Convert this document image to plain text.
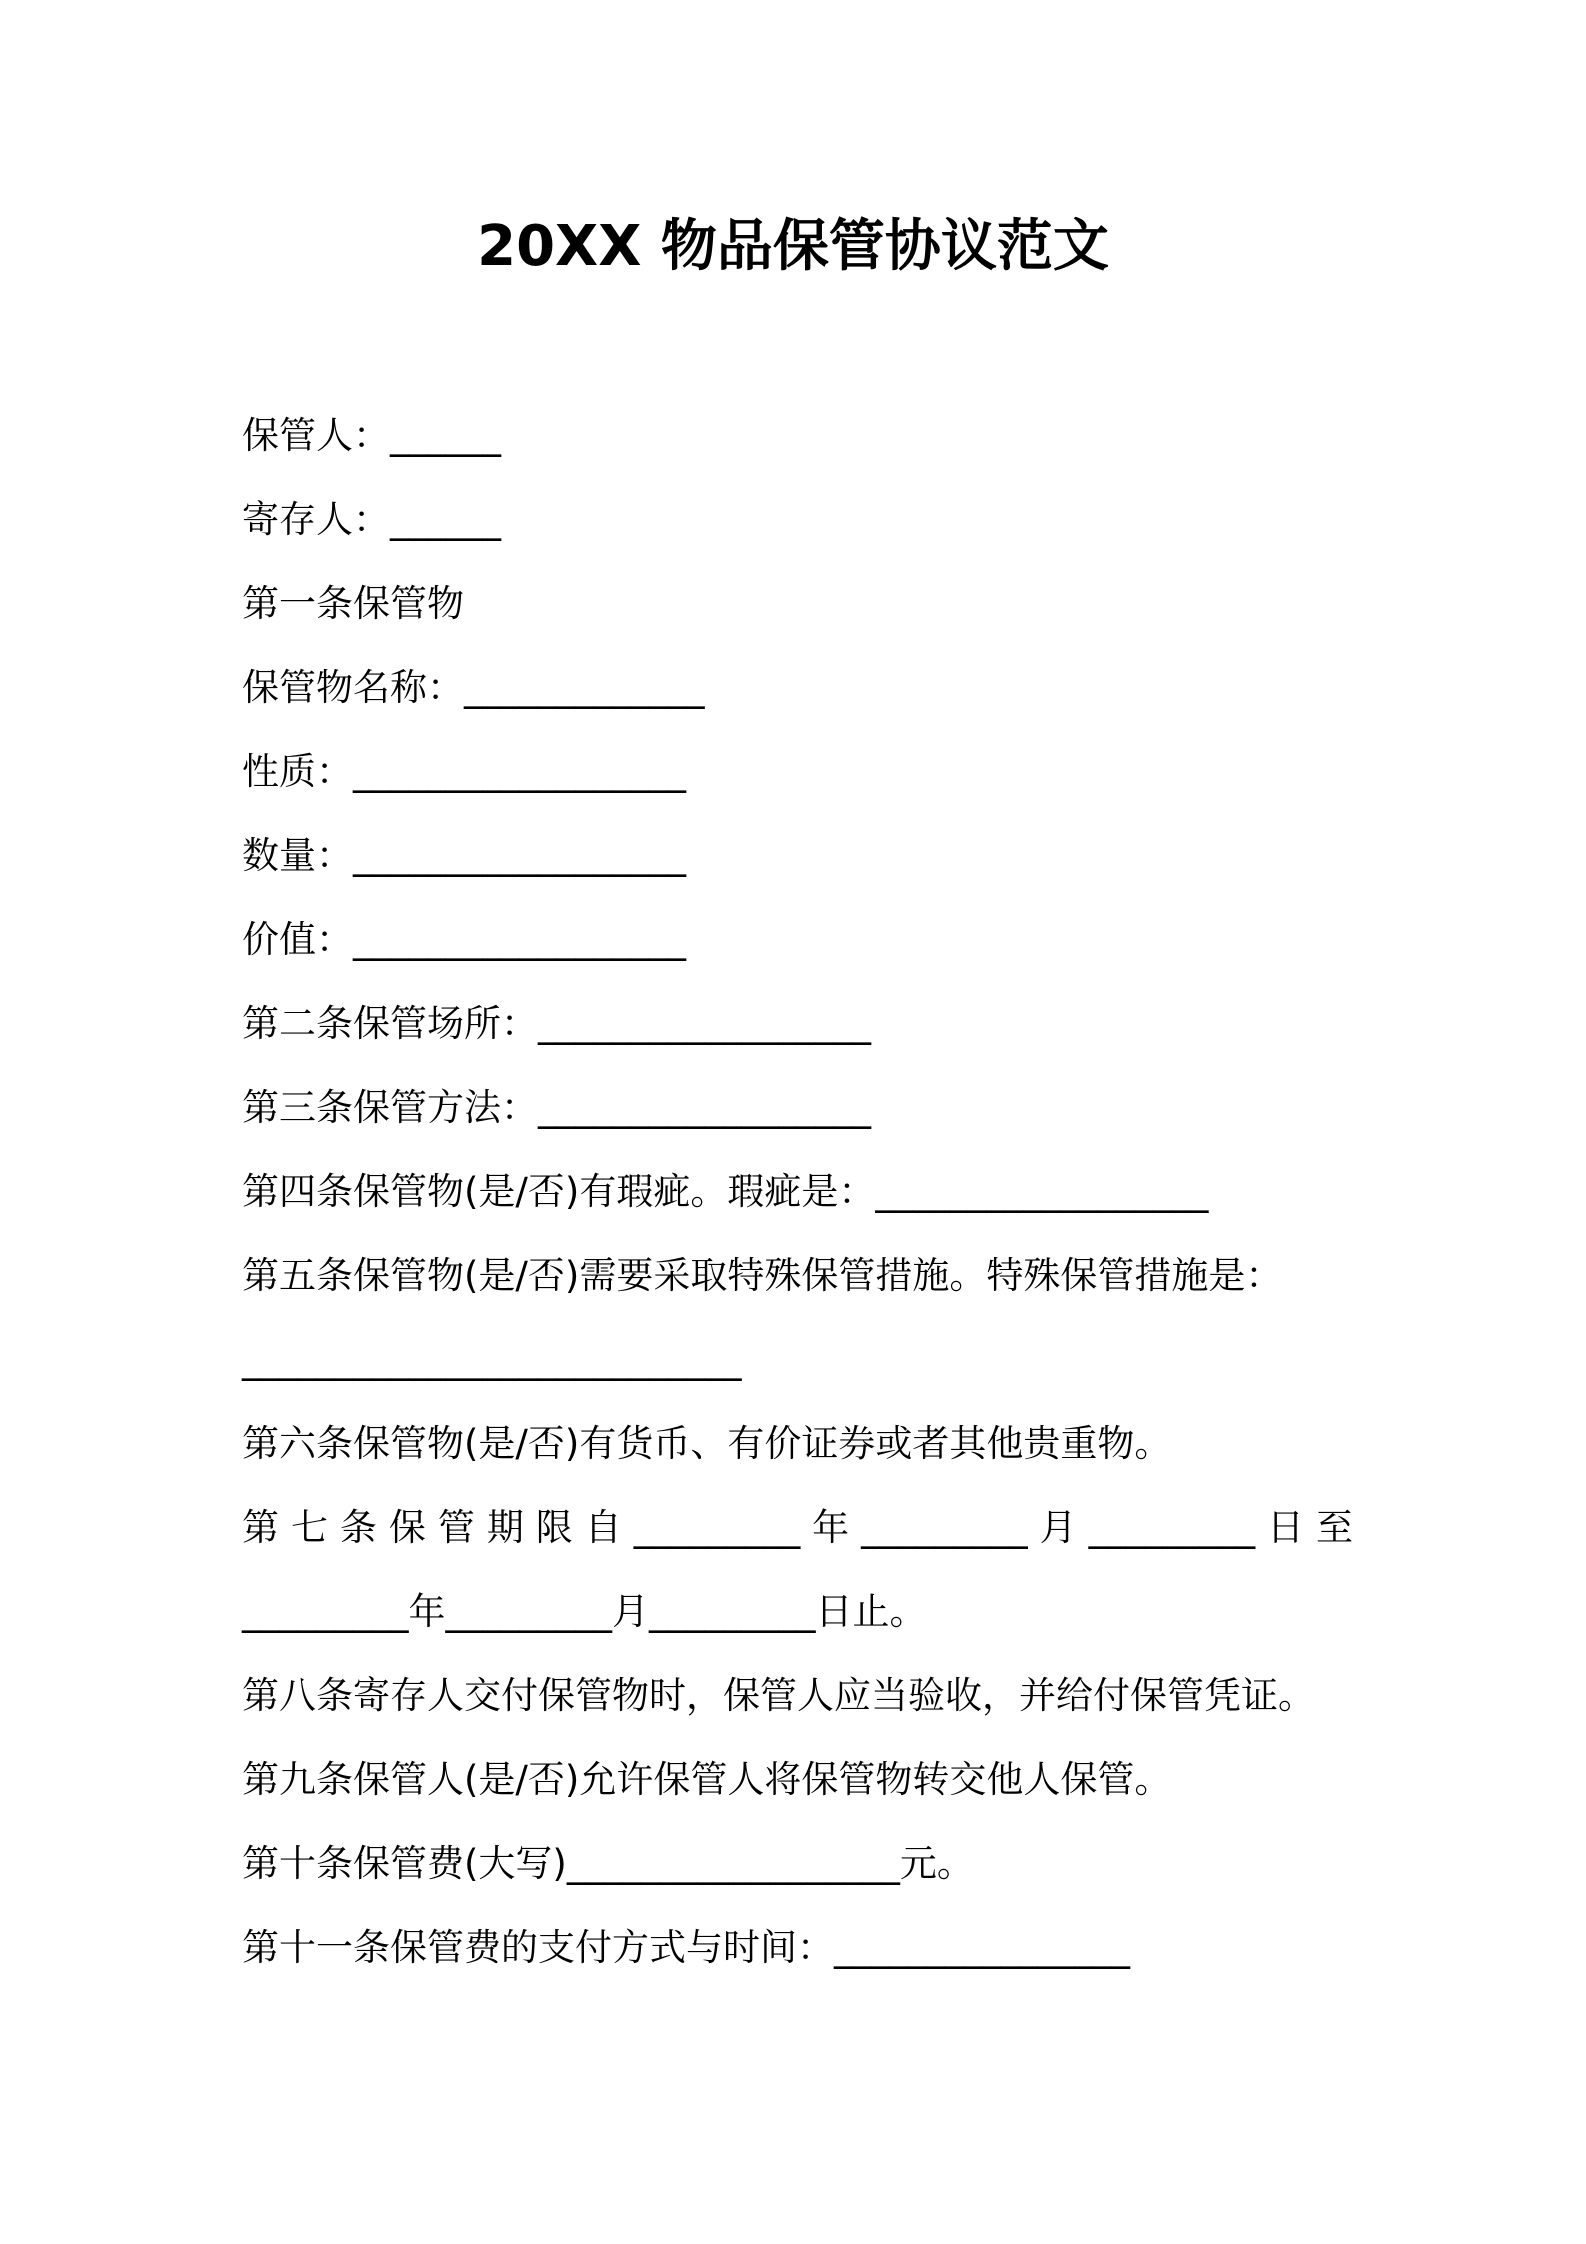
20XX 物品保管协议范文
保管人：______
寄存人：______
第一条保管物
保管物名称：_____________
性质：__________________
数量：__________________
价值：__________________
第二条保管场所：__________________
第三条保管方法：__________________
第四条保管物(是/否)有瑕疵。瑕疵是：__________________
第五条保管物(是/否)需要采取特殊保管措施。特殊保管措施是：
___________________________
第六条保管物(是/否)有货币、有价证券或者其他贵重物。
第七条保管期限自_________年_________月_________日至
_________年_________月_________日止。
第八条寄存人交付保管物时，保管人应当验收，并给付保管凭证。
第九条保管人(是/否)允许保管人将保管物转交他人保管。
第十条保管费(大写)__________________元。
第十一条保管费的支付方式与时间：________________
